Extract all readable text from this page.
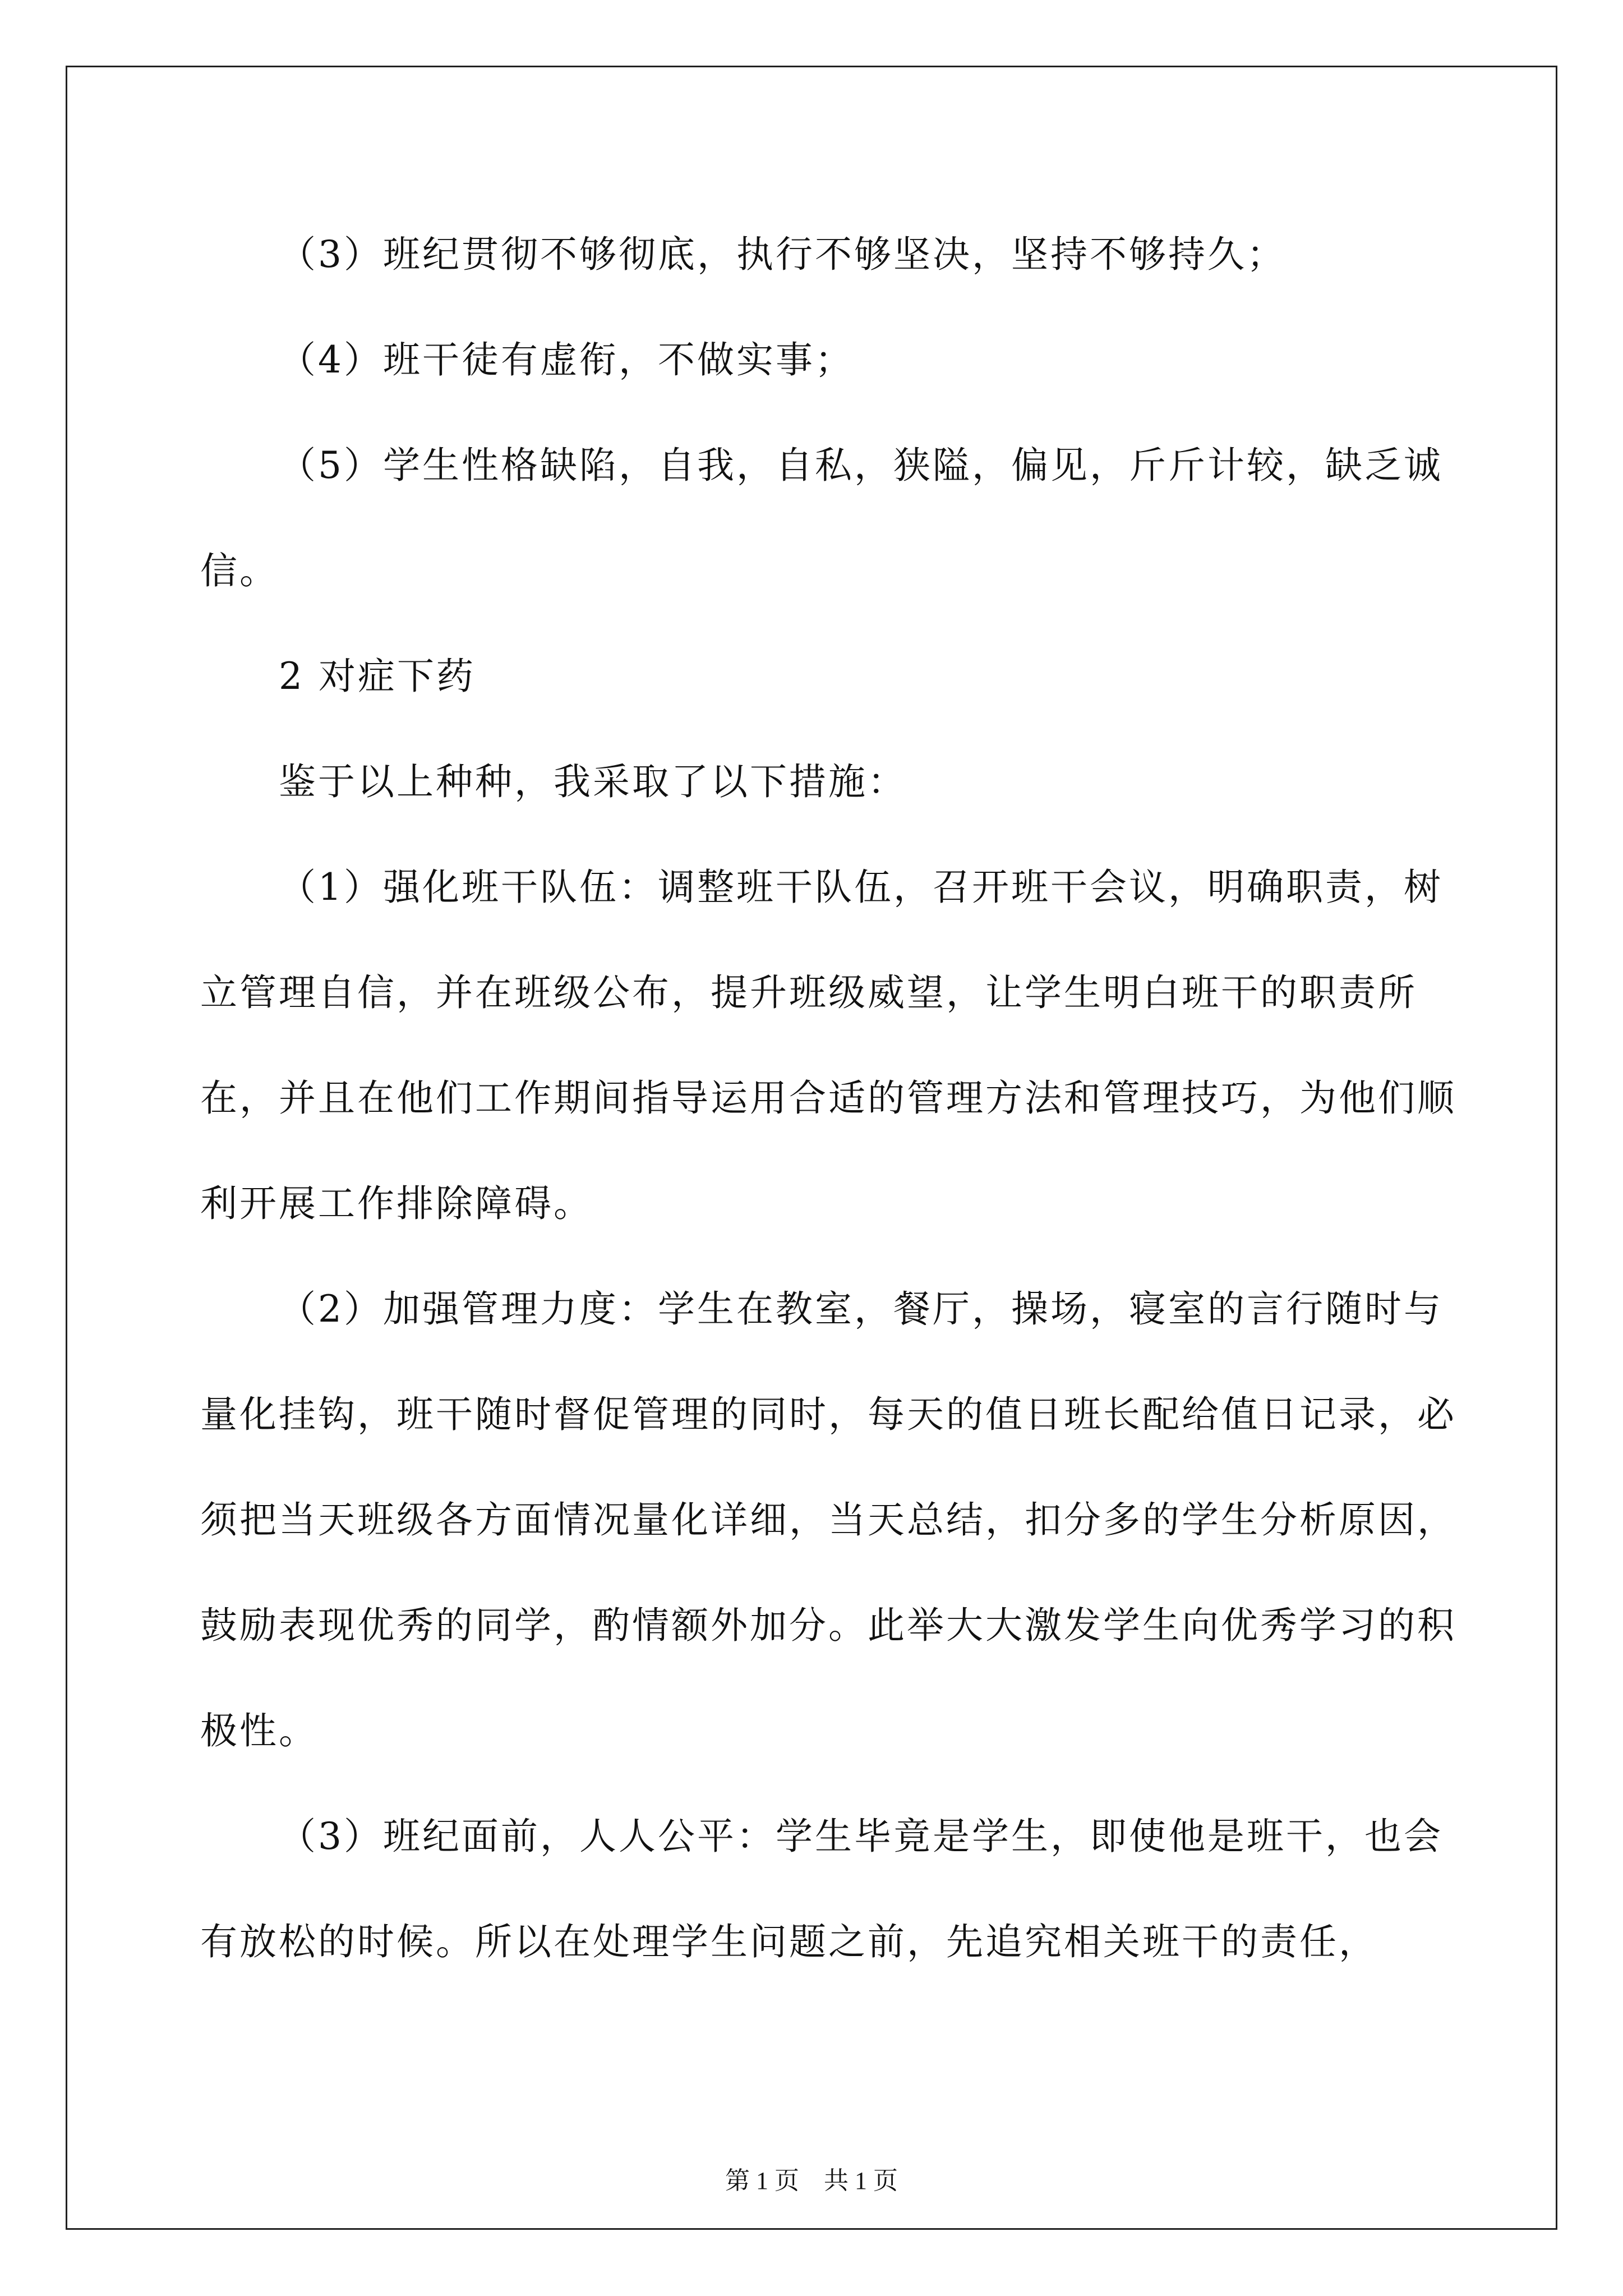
（3）班纪贯彻不够彻底，执行不够坚决，坚持不够持久；

（4）班干徒有虚衔，不做实事；

（5）学生性格缺陷，自我，自私，狭隘，偏见，斤斤计较，缺乏诚信。

2 对症下药

鉴于以上种种，我采取了以下措施：

（1）强化班干队伍：调整班干队伍，召开班干会议，明确职责，树立管理自信，并在班级公布，提升班级威望，让学生明白班干的职责所在，并且在他们工作期间指导运用合适的管理方法和管理技巧，为他们顺利开展工作排除障碍。

（2）加强管理力度：学生在教室，餐厅，操场，寝室的言行随时与量化挂钩，班干随时督促管理的同时，每天的值日班长配给值日记录，必须把当天班级各方面情况量化详细，当天总结，扣分多的学生分析原因，鼓励表现优秀的同学，酌情额外加分。此举大大激发学生向优秀学习的积极性。

（3）班纪面前，人人公平：学生毕竟是学生，即使他是班干，也会有放松的时候。所以在处理学生问题之前，先追究相关班干的责任，

第 1 页　共 1 页
